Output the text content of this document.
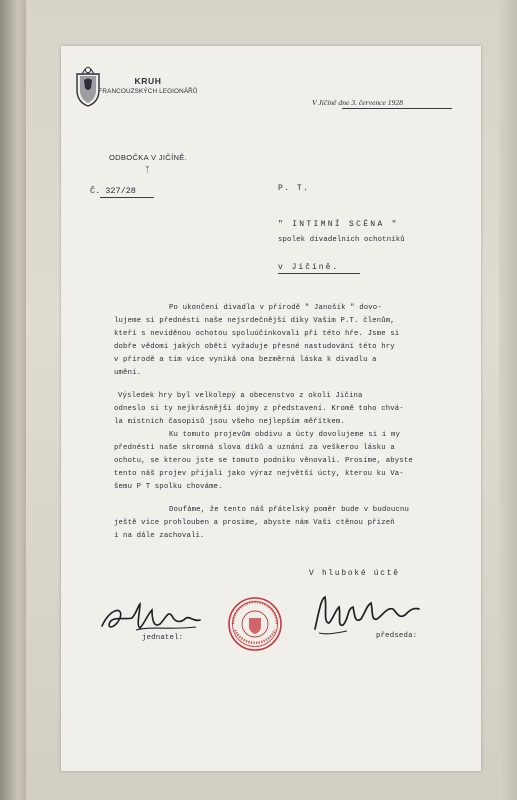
KRUH
FRANCOUZSKÝCH LEGIONÁŘŮ
ODBOČKA V JIČÍNĚ.
ᛉ
Č. 327/28
V Jičíně dne 3. července 1928
P. T.
" INTIMNÍ SCÉNA "
spolek divadelních ochotníků
v Jičíně.
Po ukončení divadla v přírodě " Janošík " dovo-
lujeme si přednésti naše nejsrdečnější díky Vašim P.T. členům,
kteří s neviděnou ochotou spoluúčinkovali při této hře. Jsme si
dobře vědomi jakých obětí vyžaduje přesné nastudování této hry
v přírodě a tím více vyniká ona bezměrná láska k divadlu a
umění.
Výsledek hry byl velkolepý a obecenstvo z okolí Jičína
odneslo si ty nejkrásnější dojmy z představení. Kromě toho chvá-
la místních časopisů jsou všeho nejlepším měřítkem.
Ku tomuto projevům obdivu a úcty dovolujeme si i my
přednésti naše skromná slova díků a uznání za veškerou lásku a
ochotu, se kterou jste se tomuto podniku věnovali. Prosíme, abyste
tento náš projev přijali jako výraz největší úcty, kterou ku Va-
šemu P T spolku chováme.
Doufáme, že tento náš přátelský poměr bude v budoucnu
ještě více prohlouben a prosíme, abyste nám Vaši ctěnou přízeň
i na dále zachovali.
V hluboké úctě
jednatel:	předseda:
